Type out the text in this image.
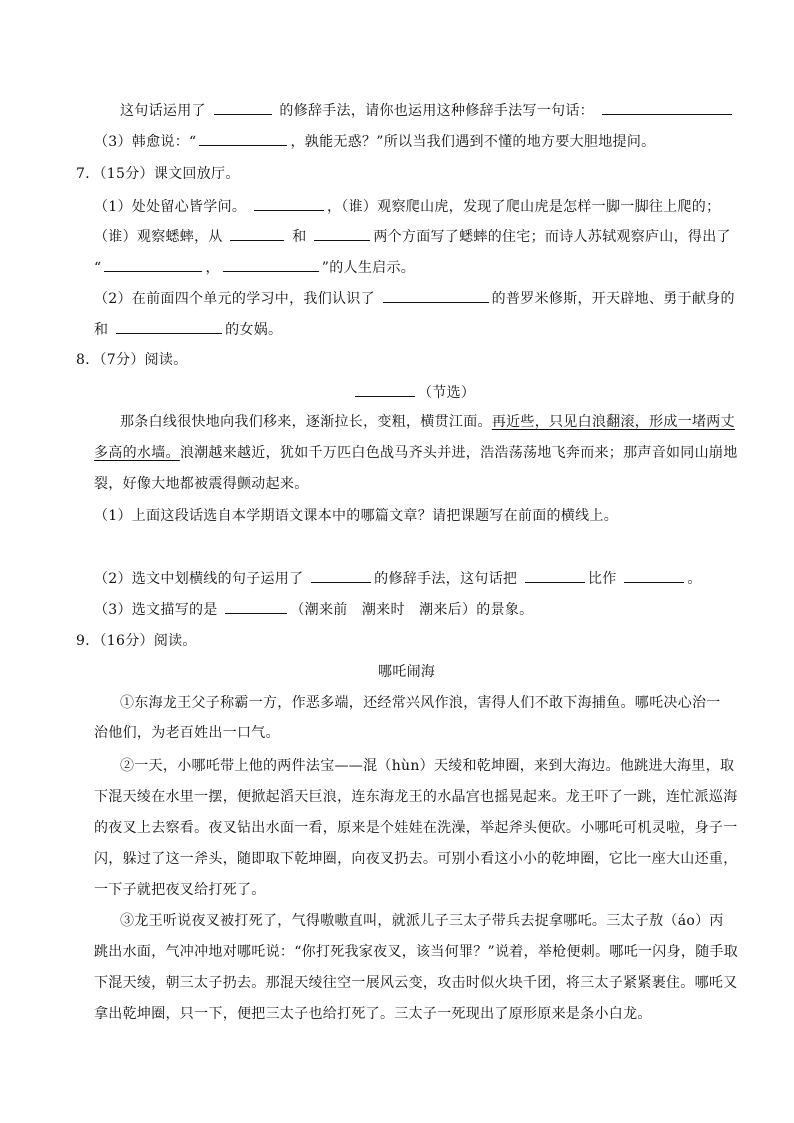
这句话运用了	的修辞手法，请你也运用这种修辞手法写一句话：
（3）韩愈说：“	，孰能无惑？”所以当我们遇到不懂的地方要大胆地提问。
7．（15分）课文回放厅。
（1）处处留心皆学问。	，（谁）观察爬山虎，发现了爬山虎是怎样一脚一脚往上爬的；
（谁）观察蟋蟀，从	和	两个方面写了蟋蟀的住宅；而诗人苏轼观察庐山，得出了
“	，	”的人生启示。
（2）在前面四个单元的学习中，我们认识了	的普罗米修斯，开天辟地、勇于献身的
和	的女娲。
8．（7分）阅读。
（节选）
那条白线很快地向我们移来，逐渐拉长，变粗，横贯江面。再近些，只见白浪翻滚，形成一堵两丈
多高的水墙。浪潮越来越近，犹如千万匹白色战马齐头并进，浩浩荡荡地飞奔而来；那声音如同山崩地
裂，好像大地都被震得颤动起来。
（1）上面这段话选自本学期语文课本中的哪篇文章？请把课题写在前面的横线上。
（2）选文中划横线的句子运用了	的修辞手法，这句话把	比作	。
（3）选文描写的是	（潮来前　潮来时　潮来后）的景象。
9．（16分）阅读。
哪吒闹海
①东海龙王父子称霸一方，作恶多端，还经常兴风作浪，害得人们不敢下海捕鱼。哪吒决心治一
治他们，为老百姓出一口气。
②一天，小哪吒带上他的两件法宝——混（hùn）天绫和乾坤圈，来到大海边。他跳进大海里，取
下混天绫在水里一摆，便掀起滔天巨浪，连东海龙王的水晶宫也摇晃起来。龙王吓了一跳，连忙派巡海
的夜叉上去察看。夜叉钻出水面一看，原来是个娃娃在洗澡，举起斧头便砍。小哪吒可机灵啦，身子一
闪，躲过了这一斧头，随即取下乾坤圈，向夜叉扔去。可别小看这小小的乾坤圈，它比一座大山还重，
一下子就把夜叉给打死了。
③龙王听说夜叉被打死了，气得嗷嗷直叫，就派儿子三太子带兵去捉拿哪吒。三太子敖（áo）丙
跳出水面，气冲冲地对哪吒说：“你打死我家夜叉，该当何罪？”说着，举枪便刺。哪吒一闪身，随手取
下混天绫，朝三太子扔去。那混天绫往空一展风云变，攻击时似火块千团，将三太子紧紧裹住。哪吒又
拿出乾坤圈，只一下，便把三太子也给打死了。三太子一死现出了原形原来是条小白龙。
